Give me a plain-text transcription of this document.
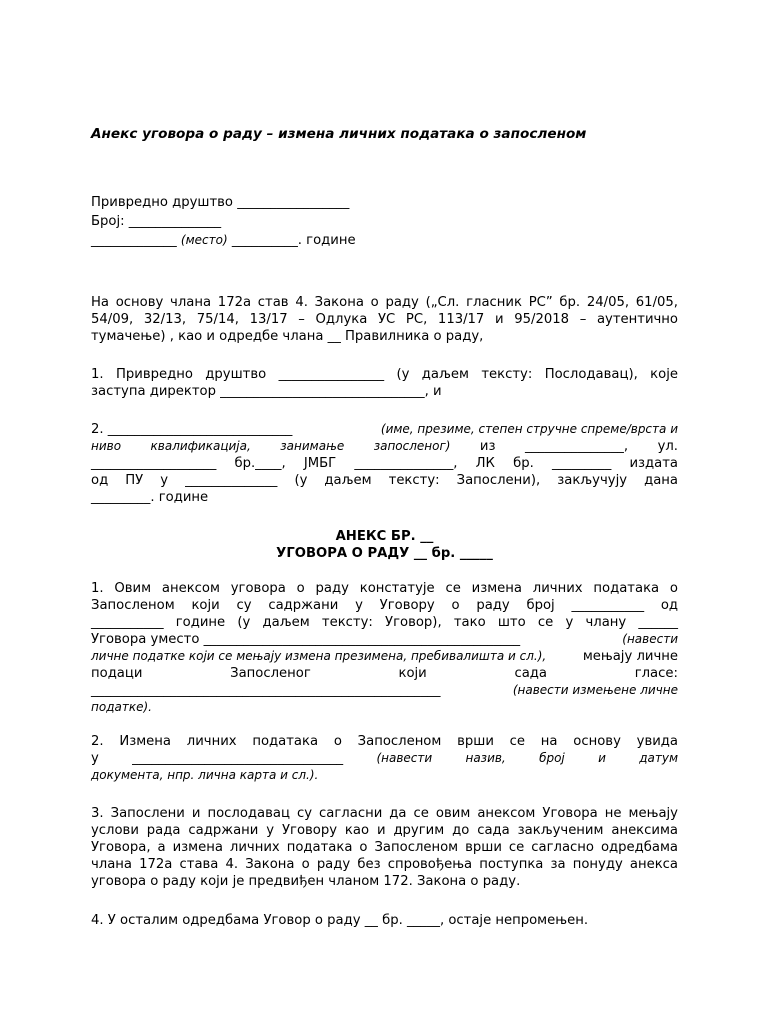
Анекс уговора о раду – измена личних података о запосленом
Привредно друштво _________________
Број: ______________
_____________ (место) __________. године
На основу члана 172а став 4. Закона о раду („Сл. гласник РС” бр. 24/05, 61/05,
54/09, 32/13, 75/14, 13/17 – Одлука УС РС, 113/17 и 95/2018 – аутентично
тумачење) , као и одредбе члана __ Правилника о раду,
1. Привредно друштво ________________ (у даљем тексту: Послодавац), које
заступа директор _______________________________, и
2. ____________________________	(име, презиме, степен стручне спреме/врста и
ниво квалификација, занимање запосленог) из _______________, ул.
___________________ бр.____, ЈМБГ _______________, ЛК бр. _________ издата
од ПУ у ______________ (у даљем тексту: Запослени), закључују дана
_________. године
АНЕКС БР. __
УГОВОРА О РАДУ __ бр. _____
1. Овим анексом уговора о раду констатује се измена личних података о
Запосленом који су садржани у Уговору о раду број ___________ од
___________ године (у даљем тексту: Уговор), тако што се у члану ______
Уговора уместо ________________________________________________	(навести
личне податке који се мењају измена презимена, пребивалишта и сл.),	мењају личне
подаци	Запосленог	који	сада	гласе:
_____________________________________________________	(навести измењене личне
податке).
2. Измена личних података о Запосленом врши се на основу увида
у	________________________________	(навести	назив,	број	и	датум
документа, нпр. лична карта и сл.).
3. Запослени и послодавац су сагласни да се овим анексом Уговора не мењају
услови рада садржани у Уговору као и другим до сада закљученим анексима
Уговора, а измена личних података о Запосленом врши се сагласно одредбама
члана 172а става 4. Закона о раду без спровођења поступка за понуду анекса
уговора о раду који је предвиђен чланом 172. Закона о раду.
4. У осталим одредбама Уговор о раду __ бр. _____, остаје непромењен.
